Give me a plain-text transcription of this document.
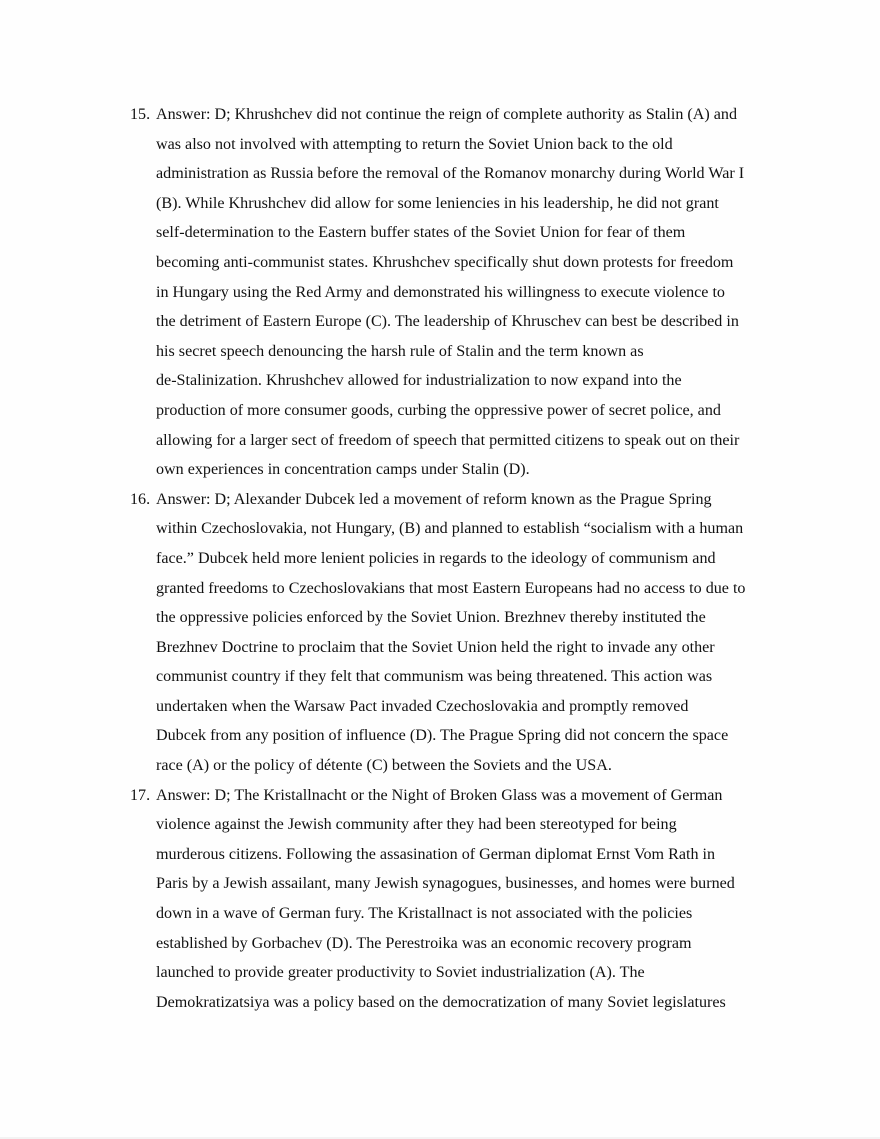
15. Answer: D; Khrushchev did not continue the reign of complete authority as Stalin (A) and
was also not involved with attempting to return the Soviet Union back to the old
administration as Russia before the removal of the Romanov monarchy during World War I
(B). While Khrushchev did allow for some leniencies in his leadership, he did not grant
self-determination to the Eastern buffer states of the Soviet Union for fear of them
becoming anti-communist states. Khrushchev specifically shut down protests for freedom
in Hungary using the Red Army and demonstrated his willingness to execute violence to
the detriment of Eastern Europe (C). The leadership of Khruschev can best be described in
his secret speech denouncing the harsh rule of Stalin and the term known as
de-Stalinization. Khrushchev allowed for industrialization to now expand into the
production of more consumer goods, curbing the oppressive power of secret police, and
allowing for a larger sect of freedom of speech that permitted citizens to speak out on their
own experiences in concentration camps under Stalin (D).
16. Answer: D; Alexander Dubcek led a movement of reform known as the Prague Spring
within Czechoslovakia, not Hungary, (B) and planned to establish “socialism with a human
face.” Dubcek held more lenient policies in regards to the ideology of communism and
granted freedoms to Czechoslovakians that most Eastern Europeans had no access to due to
the oppressive policies enforced by the Soviet Union. Brezhnev thereby instituted the
Brezhnev Doctrine to proclaim that the Soviet Union held the right to invade any other
communist country if they felt that communism was being threatened. This action was
undertaken when the Warsaw Pact invaded Czechoslovakia and promptly removed
Dubcek from any position of influence (D). The Prague Spring did not concern the space
race (A) or the policy of détente (C) between the Soviets and the USA.
17. Answer: D; The Kristallnacht or the Night of Broken Glass was a movement of German
violence against the Jewish community after they had been stereotyped for being
murderous citizens. Following the assasination of German diplomat Ernst Vom Rath in
Paris by a Jewish assailant, many Jewish synagogues, businesses, and homes were burned
down in a wave of German fury. The Kristallnact is not associated with the policies
established by Gorbachev (D). The Perestroika was an economic recovery program
launched to provide greater productivity to Soviet industrialization (A). The
Demokratizatsiya was a policy based on the democratization of many Soviet legislatures
